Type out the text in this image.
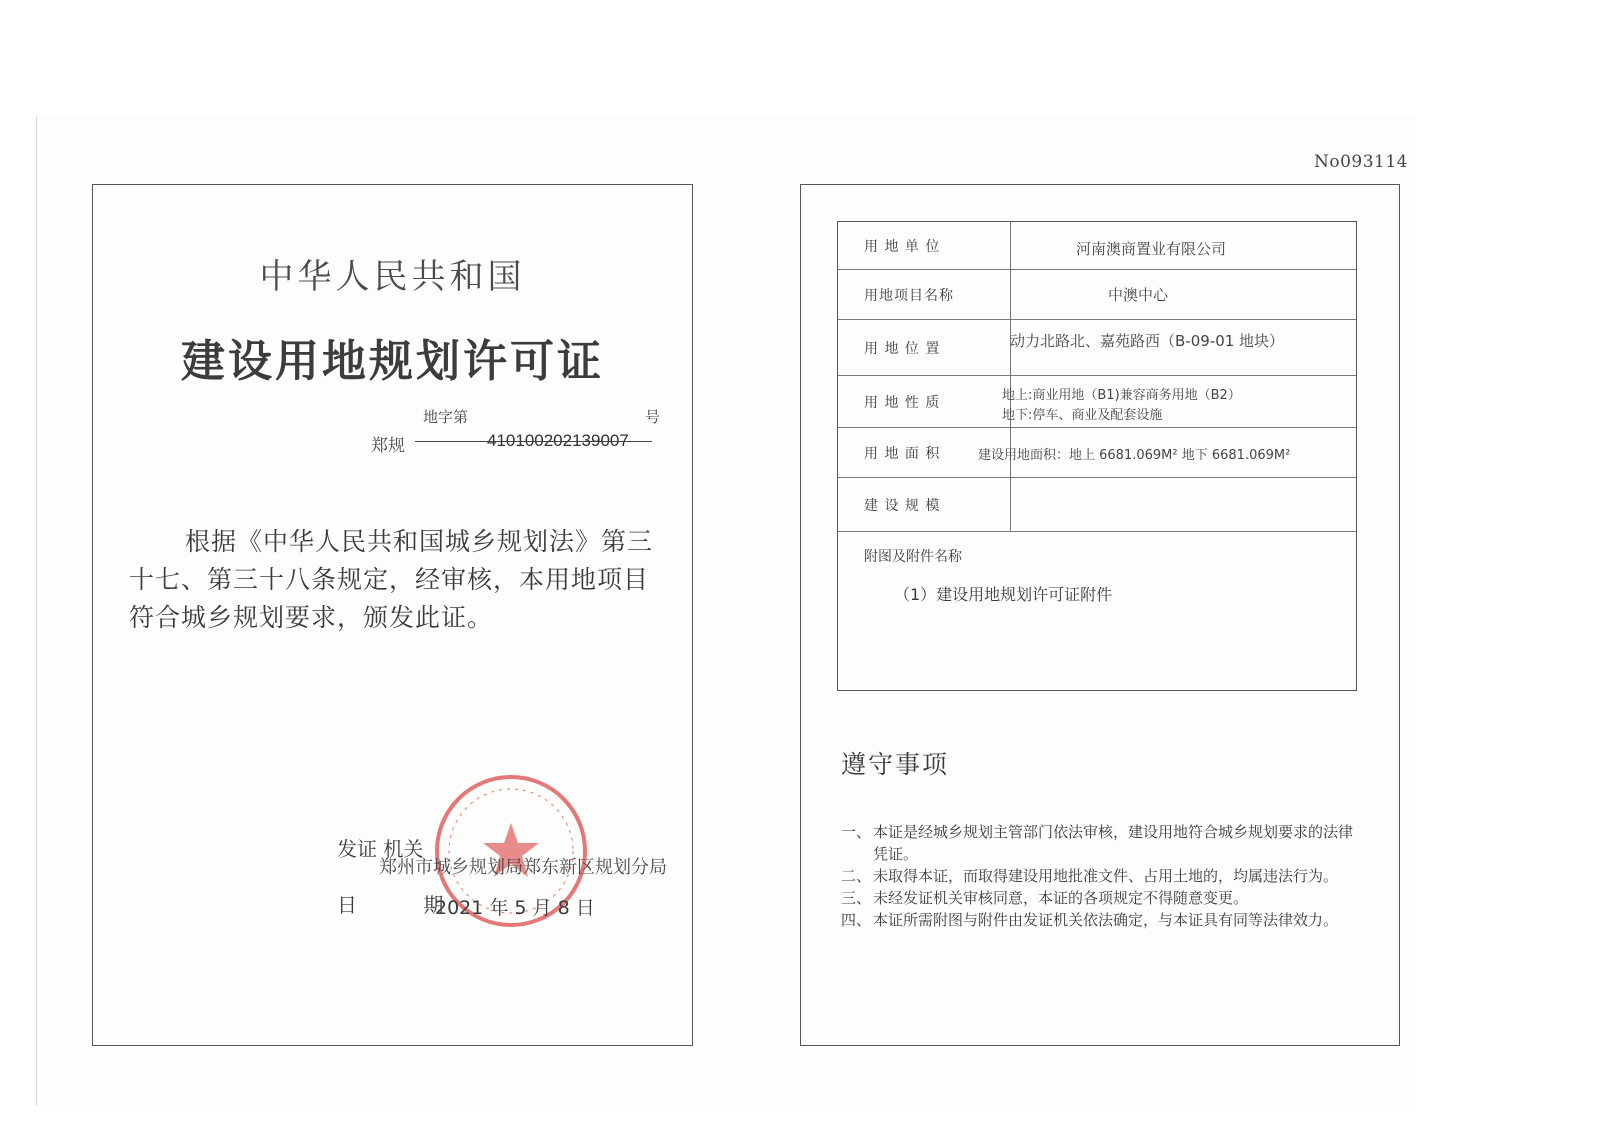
No093114
中华人民共和国
建设用地规划许可证
地字第	号
郑规	410100202139007
根据《中华人民共和国城乡规划法》第三十七、第三十八条规定，经审核，本用地项目符合城乡规划要求，颁发此证。
发证 机关
郑州市城乡规划局郑东新区规划分局
日 期
2021 年 5 月 8 日
附图及附件名称
（1）建设用地规划许可证附件
用 地 单 位	河南澳商置业有限公司
用地项目名称	中澳中心
用 地 位 置	动力北路北、嘉苑路西（B-09-01 地块）
用 地 性 质	地上:商业用地（B1)兼容商务用地（B2）
地下:停车、商业及配套设施
用 地 面 积	建设用地面积：地上 6681.069M² 地下 6681.069M²
建 设 规 模
遵守事项
一、 本证是经城乡规划主管部门依法审核，建设用地符合城乡规划要求的法律凭证。
二、 未取得本证，而取得建设用地批准文件、占用土地的，均属违法行为。
三、 未经发证机关审核同意，本证的各项规定不得随意变更。
四、 本证所需附图与附件由发证机关依法确定，与本证具有同等法律效力。
